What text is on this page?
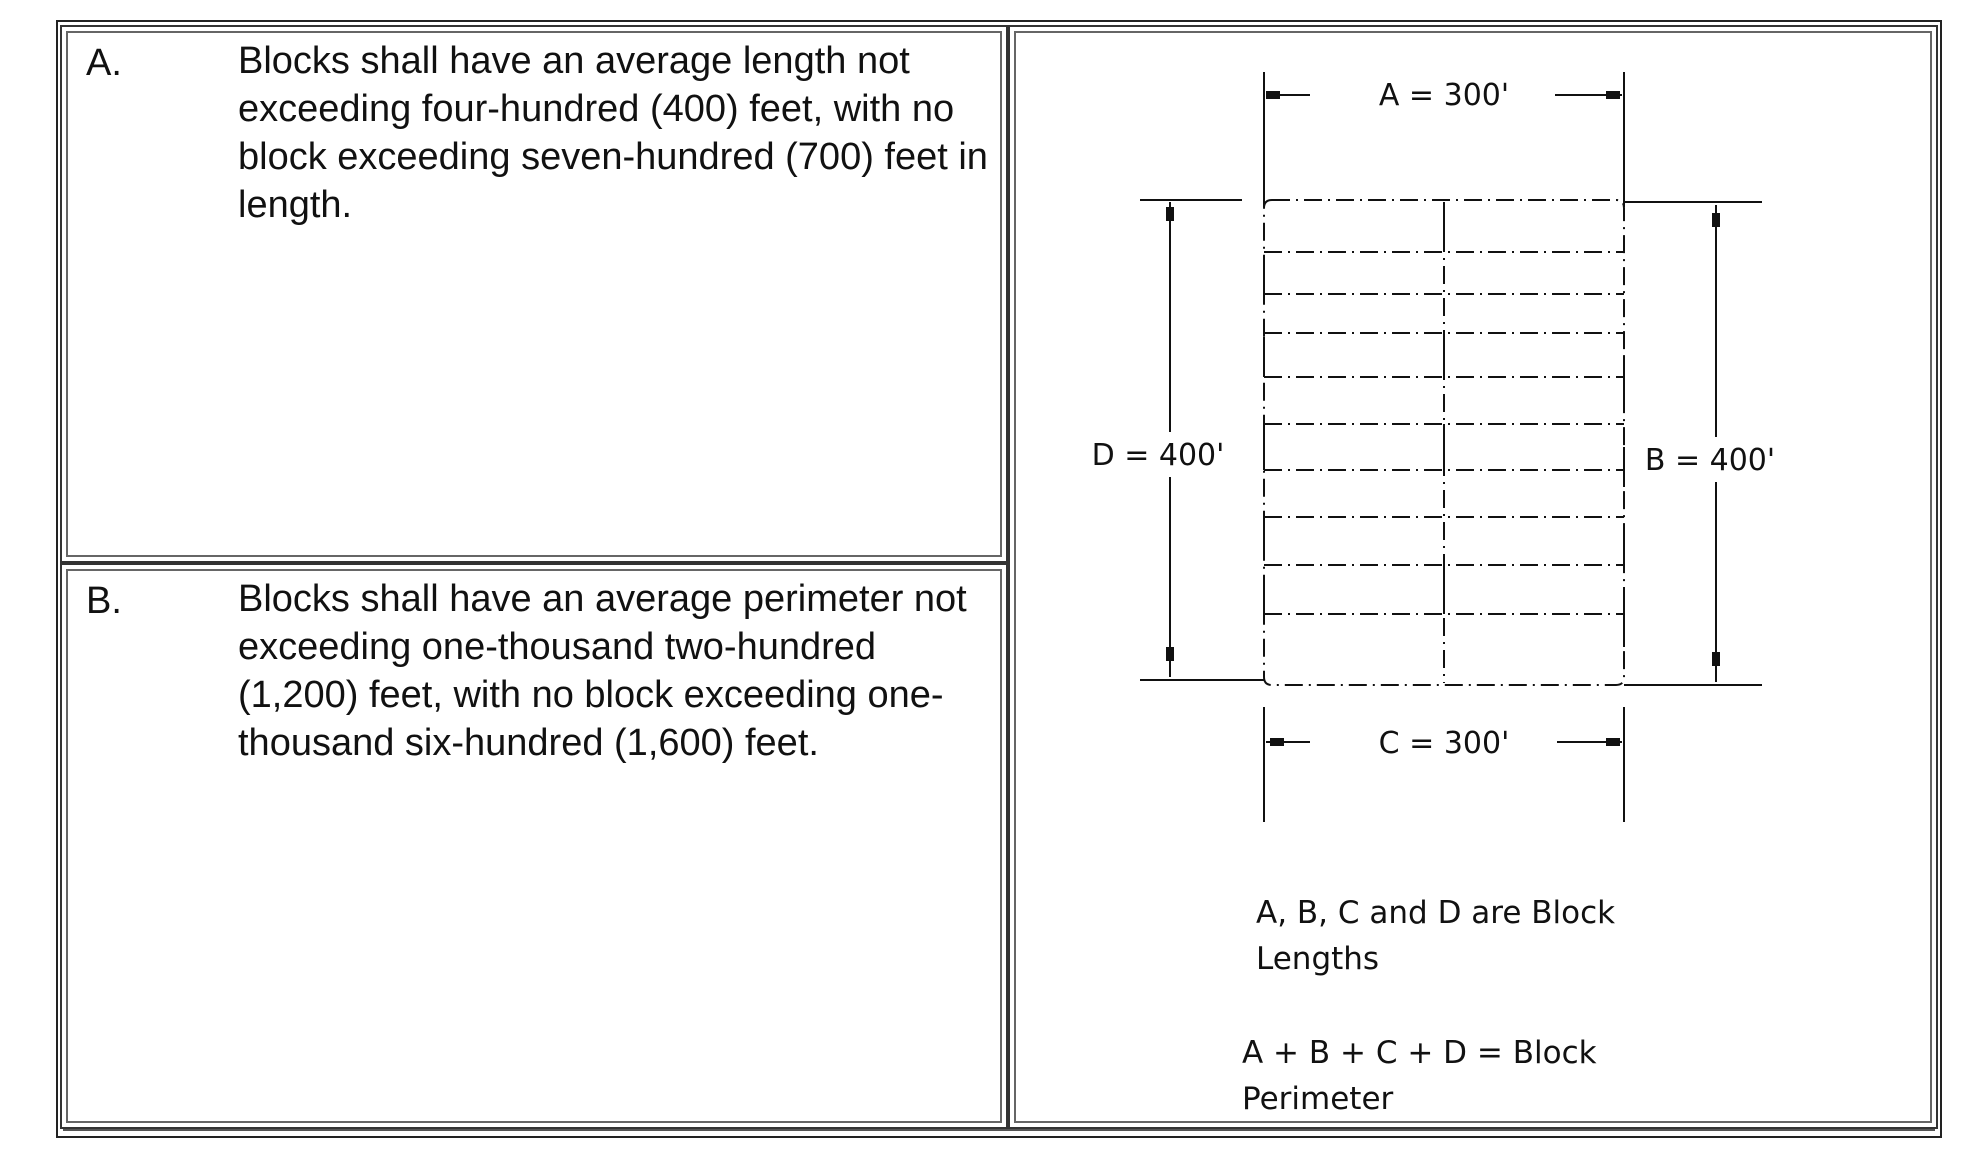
A.	Blocks shall have an average length not exceeding four-hundred (400) feet, with no block exceeding seven-hundred (700) feet in length.

B.	Blocks shall have an average perimeter not exceeding one-thousand two-hundred (1,200) feet, with no block exceeding one-thousand six-hundred (1,600) feet.

A = 300'
C = 300'
D = 400'	B = 400'

A, B, C and D are Block Lengths

A + B + C + D = Block Perimeter
